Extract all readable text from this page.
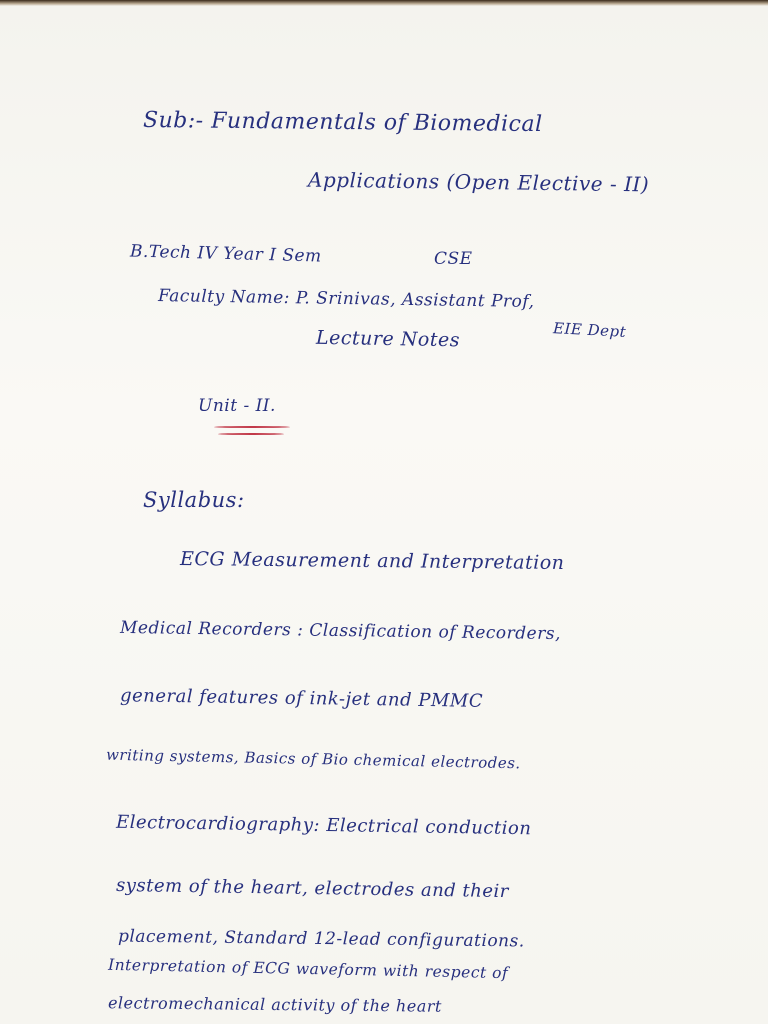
Sub:- Fundamentals of Biomedical
Applications (Open Elective - II)
B.Tech IV Year I Sem	CSE
Faculty Name: P. Srinivas, Assistant Prof,
Lecture Notes	EIE Dept
Unit - II.
Syllabus:
ECG Measurement and Interpretation
Medical Recorders : Classification of Recorders,
general features of ink-jet and PMMC
writing systems, Basics of Bio chemical electrodes.
Electrocardiography: Electrical conduction
system of the heart, electrodes and their
placement, Standard 12-lead configurations.
Interpretation of ECG waveform with respect of
electromechanical activity of the heart
